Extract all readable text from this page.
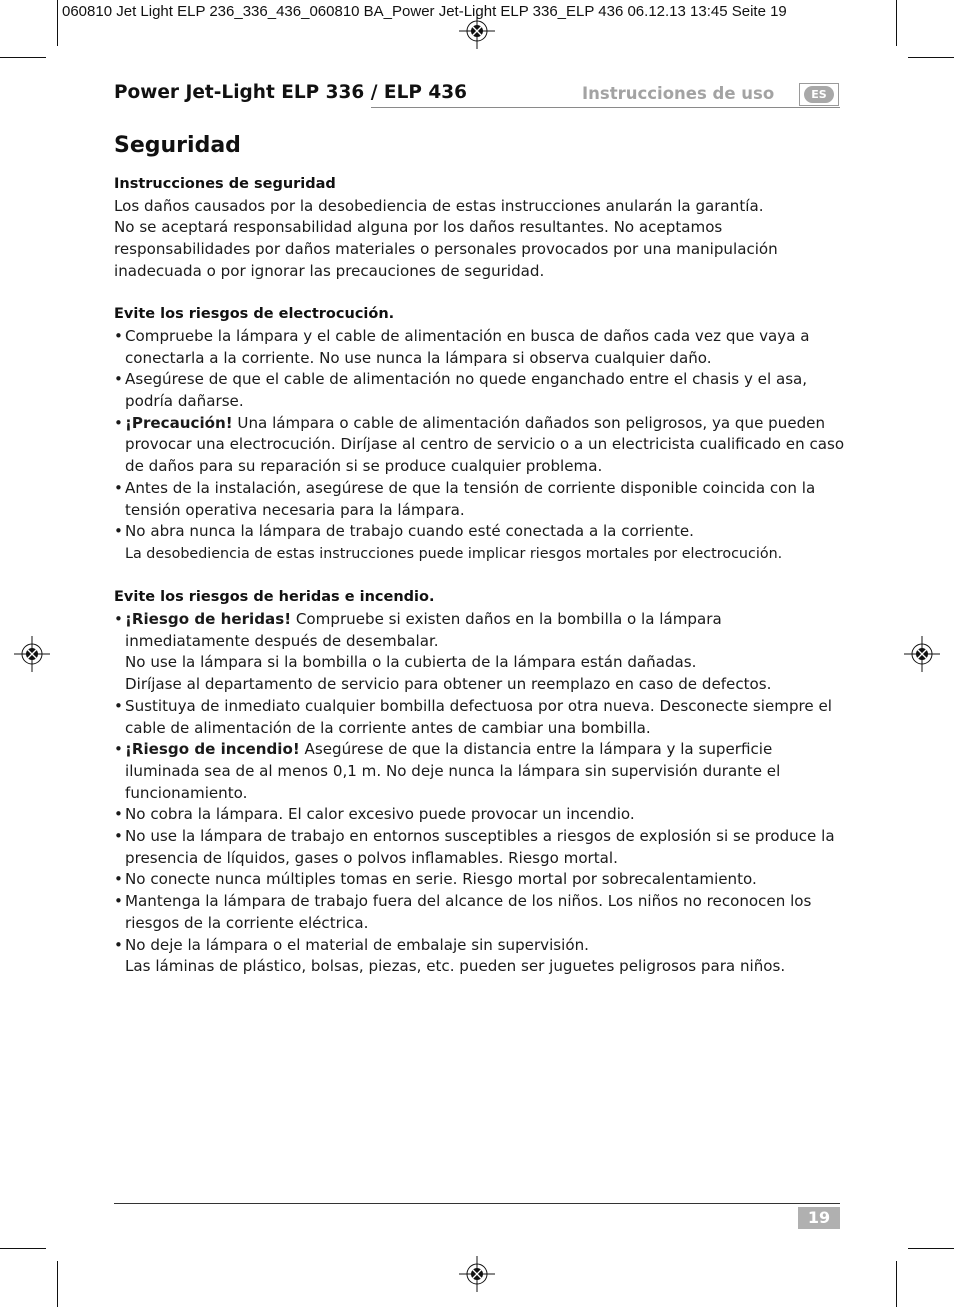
060810 Jet Light ELP 236_336_436_060810 BA_Power Jet-Light ELP 336_ELP 436 06.12.13 13:45 Seite 19
Power Jet-Light ELP 336 / ELP 436	Instrucciones de uso	ES
Seguridad
Instrucciones de seguridad

Los daños causados por la desobediencia de estas instrucciones anularán la garantía.

No se aceptará responsabilidad alguna por los daños resultantes. No aceptamos

responsabilidades por daños materiales o personales provocados por una manipulación

inadecuada o por ignorar las precauciones de seguridad.

Evite los riesgos de electrocución.
• Compruebe la lámpara y el cable de alimentación en busca de daños cada vez que vaya a conectarla a la corriente. No use nunca la lámpara si observa cualquier daño.
• Asegúrese de que el cable de alimentación no quede enganchado entre el chasis y el asa, podría dañarse.
• ¡Precaución! Una lámpara o cable de alimentación dañados son peligrosos, ya que pueden provocar una electrocución. Diríjase al centro de servicio o a un electricista cualificado en caso de daños para su reparación si se produce cualquier problema.
• Antes de la instalación, asegúrese de que la tensión de corriente disponible coincida con la tensión operativa necesaria para la lámpara.
• No abra nunca la lámpara de trabajo cuando esté conectada a la corriente.
La desobediencia de estas instrucciones puede implicar riesgos mortales por electrocución.
Evite los riesgos de heridas e incendio.
• ¡Riesgo de heridas! Compruebe si existen daños en la bombilla o la lámpara inmediatamente después de desembalar.
No use la lámpara si la bombilla o la cubierta de la lámpara están dañadas.
Diríjase al departamento de servicio para obtener un reemplazo en caso de defectos.
• Sustituya de inmediato cualquier bombilla defectuosa por otra nueva. Desconecte siempre el cable de alimentación de la corriente antes de cambiar una bombilla.
• ¡Riesgo de incendio! Asegúrese de que la distancia entre la lámpara y la superficie iluminada sea de al menos 0,1 m. No deje nunca la lámpara sin supervisión durante el funcionamiento.
• No cobra la lámpara. El calor excesivo puede provocar un incendio.
• No use la lámpara de trabajo en entornos susceptibles a riesgos de explosión si se produce la presencia de líquidos, gases o polvos inflamables. Riesgo mortal.
• No conecte nunca múltiples tomas en serie. Riesgo mortal por sobrecalentamiento.
• Mantenga la lámpara de trabajo fuera del alcance de los niños. Los niños no reconocen los riesgos de la corriente eléctrica.
• No deje la lámpara o el material de embalaje sin supervisión.
Las láminas de plástico, bolsas, piezas, etc. pueden ser juguetes peligrosos para niños.
19
